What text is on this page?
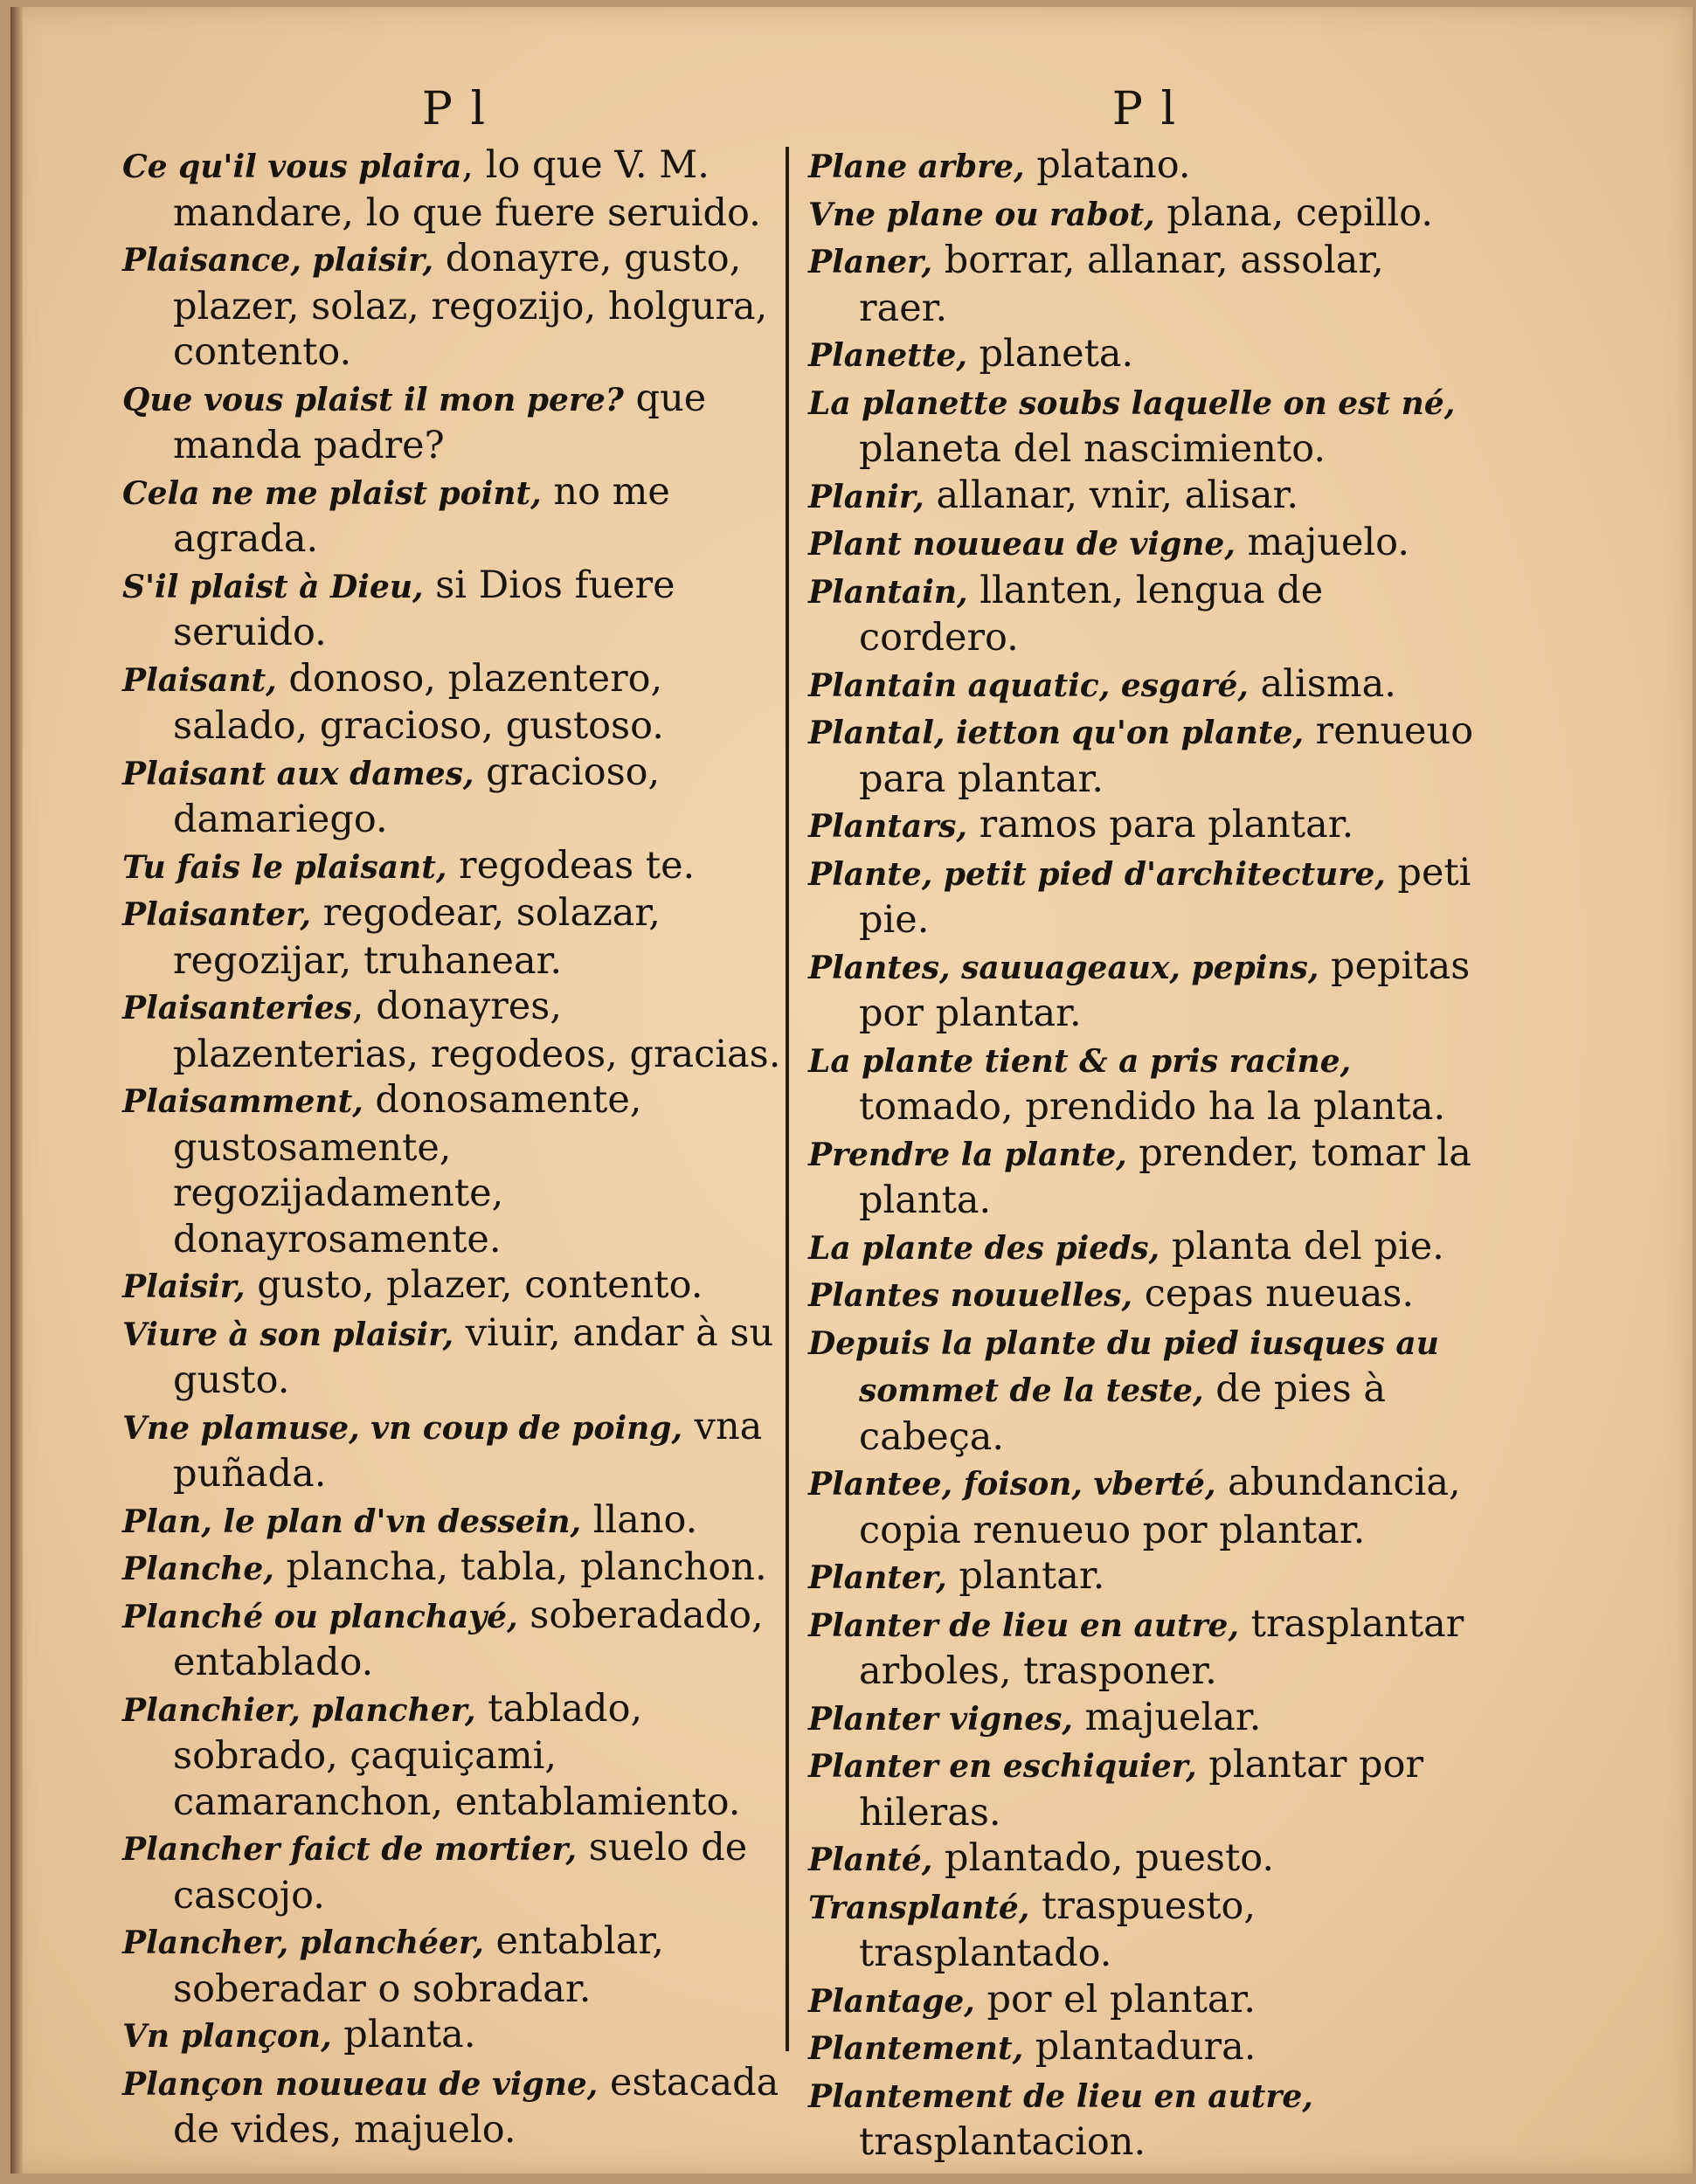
P l
Ce qu'il vous plaira, lo que V. M. mandare, lo que fuere seruido.
Plaisance, plaisir, donayre, gusto, plazer, solaz, regozijo, holgura, contento.
Que vous plaist il mon pere? que manda padre?
Cela ne me plaist point, no me agrada.
S'il plaist à Dieu, si Dios fuere seruido.
Plaisant, donoso, plazentero, salado, gracioso, gustoso.
Plaisant aux dames, gracioso, damariego.
Tu fais le plaisant, regodeas te.
Plaisanter, regodear, solazar, regozijar, truhanear.
Plaisanteries, donayres, plazenterias, regodeos, gracias.
Plaisamment, donosamente, gustosamente, regozijadamente, donayrosamente.
Plaisir, gusto, plazer, contento.
Viure à son plaisir, viuir, andar à su gusto.
Vne plamuse, vn coup de poing, vna puñada.
Plan, le plan d'vn dessein, llano.
Planche, plancha, tabla, planchon.
Planché ou planchayé, soberadado, entablado.
Planchier, plancher, tablado, sobrado, çaquiçami, camaranchon, entablamiento.
Plancher faict de mortier, suelo de cascojo.
Plancher, planchéer, entablar, soberadar o sobradar.
Vn plançon, planta.
Plançon nouueau de vigne, estacada de vides, majuelo.
P l
Plane arbre, platano.
Vne plane ou rabot, plana, cepillo.
Planer, borrar, allanar, assolar, raer.
Planette, planeta.
La planette soubs laquelle on est né, planeta del nascimiento.
Planir, allanar, vnir, alisar.
Plant nouueau de vigne, majuelo.
Plantain, llanten, lengua de cordero.
Plantain aquatic, esgaré, alisma.
Plantal, ietton qu'on plante, renueuo para plantar.
Plantars, ramos para plantar.
Plante, petit pied d'architecture, peti pie.
Plantes, sauuageaux, pepins, pepitas por plantar.
La plante tient & a pris racine, tomado, prendido ha la planta.
Prendre la plante, prender, tomar la planta.
La plante des pieds, planta del pie.
Plantes nouuelles, cepas nueuas.
Depuis la plante du pied iusques au sommet de la teste, de pies à cabeça.
Plantee, foison, vberté, abundancia, copia renueuo por plantar.
Planter, plantar.
Planter de lieu en autre, trasplantar arboles, trasponer.
Planter vignes, majuelar.
Planter en eschiquier, plantar por hileras.
Planté, plantado, puesto.
Transplanté, traspuesto, trasplantado.
Plantage, por el plantar.
Plantement, plantadura.
Plantement de lieu en autre, trasplantacion.
